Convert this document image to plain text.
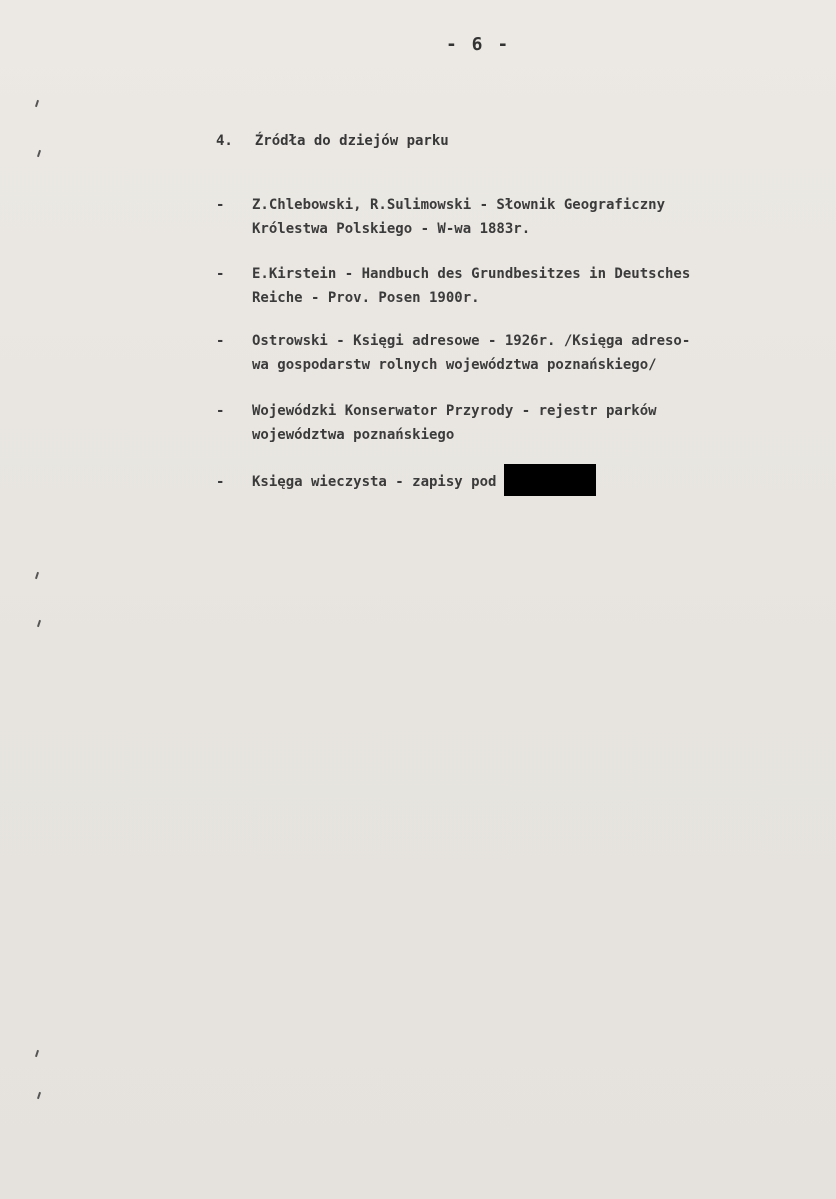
- 6 -
4. Źródła do dziejów parku
- Z.Chlebowski, R.Sulimowski - Słownik Geograficzny
Królestwa Polskiego - W-wa 1883r.
- E.Kirstein - Handbuch des Grundbesitzes in Deutsches
Reiche - Prov. Posen 1900r.
- Ostrowski - Księgi adresowe - 1926r. /Księga adreso-
wa gospodarstw rolnych województwa poznańskiego/
- Wojewódzki Konserwator Przyrody - rejestr parków
województwa poznańskiego
- Księga wieczysta - zapisy pod
